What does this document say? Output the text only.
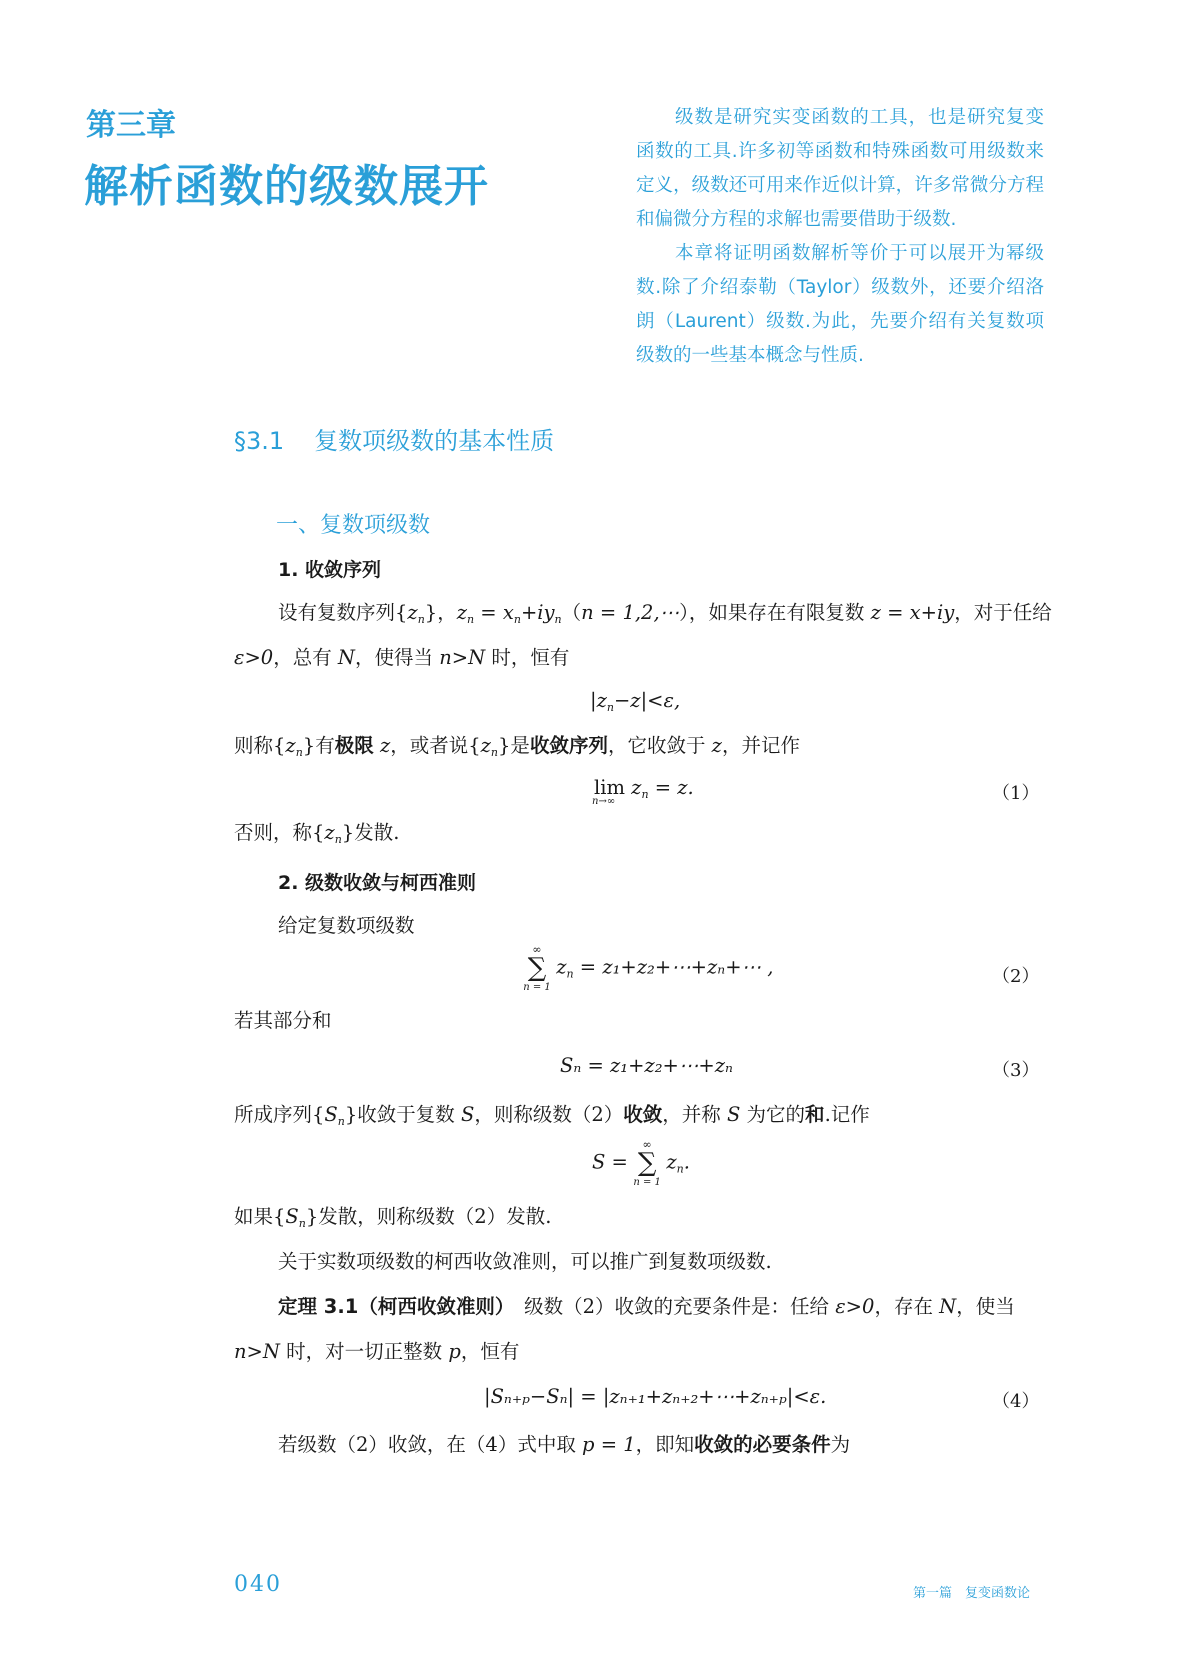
第三章
解析函数的级数展开

级数是研究实变函数的工具，也是研究复变函数的工具.许多初等函数和特殊函数可用级数来定义，级数还可用来作近似计算，许多常微分方程和偏微分方程的求解也需要借助于级数.

本章将证明函数解析等价于可以展开为幂级数.除了介绍泰勒（Taylor）级数外，还要介绍洛朗（Laurent）级数.为此，先要介绍有关复数项级数的一些基本概念与性质.

§3.1 复数项级数的基本性质
一、复数项级数
1. 收敛序列
设有复数序列$\{z_n\}$，$z_n = x_n+iy_n(n$ = 1,2,⋯），如果存在有限复数 z = x+iy，对于任给
ε>0，总有 N，使得当 n>N 时，恒有
$|z_n-z|<\varepsilon$,
则称$\{z_n\}$有极限 z，或者说$\{z_n\}$是收敛序列，它收敛于 z，并记作
lim
n→∞
$z_n = z$.	（1）
否则，称$\{z_n\}$发散.
2. 级数收敛与柯西准则
给定复数项级数
∞
∑
n = 1
$z_n$ = z₁+z₂+⋯+zₙ+⋯ ,	（2）
若其部分和
Sₙ = z₁+z₂+⋯+zₙ	（3）
所成序列$\{S_n\}$收敛于复数 S，则称级数（2）收敛，并称 S 为它的和.记作
S =
∞
∑
n = 1
$z_n$.
如果$\{S_n\}$发散，则称级数（2）发散.
关于实数项级数的柯西收敛准则，可以推广到复数项级数.
定理 3.1（柯西收敛准则）　 级数（2）收敛的充要条件是：任给 ε>0，存在 N，使当
n>N 时，对一切正整数 p，恒有
|Sₙ₊ₚ−Sₙ| = |zₙ₊₁+zₙ₊₂+⋯+zₙ₊ₚ|<ε.	（4）
若级数（2）收敛，在（4）式中取 p = 1，即知收敛的必要条件为
040	第一篇　复变函数论
